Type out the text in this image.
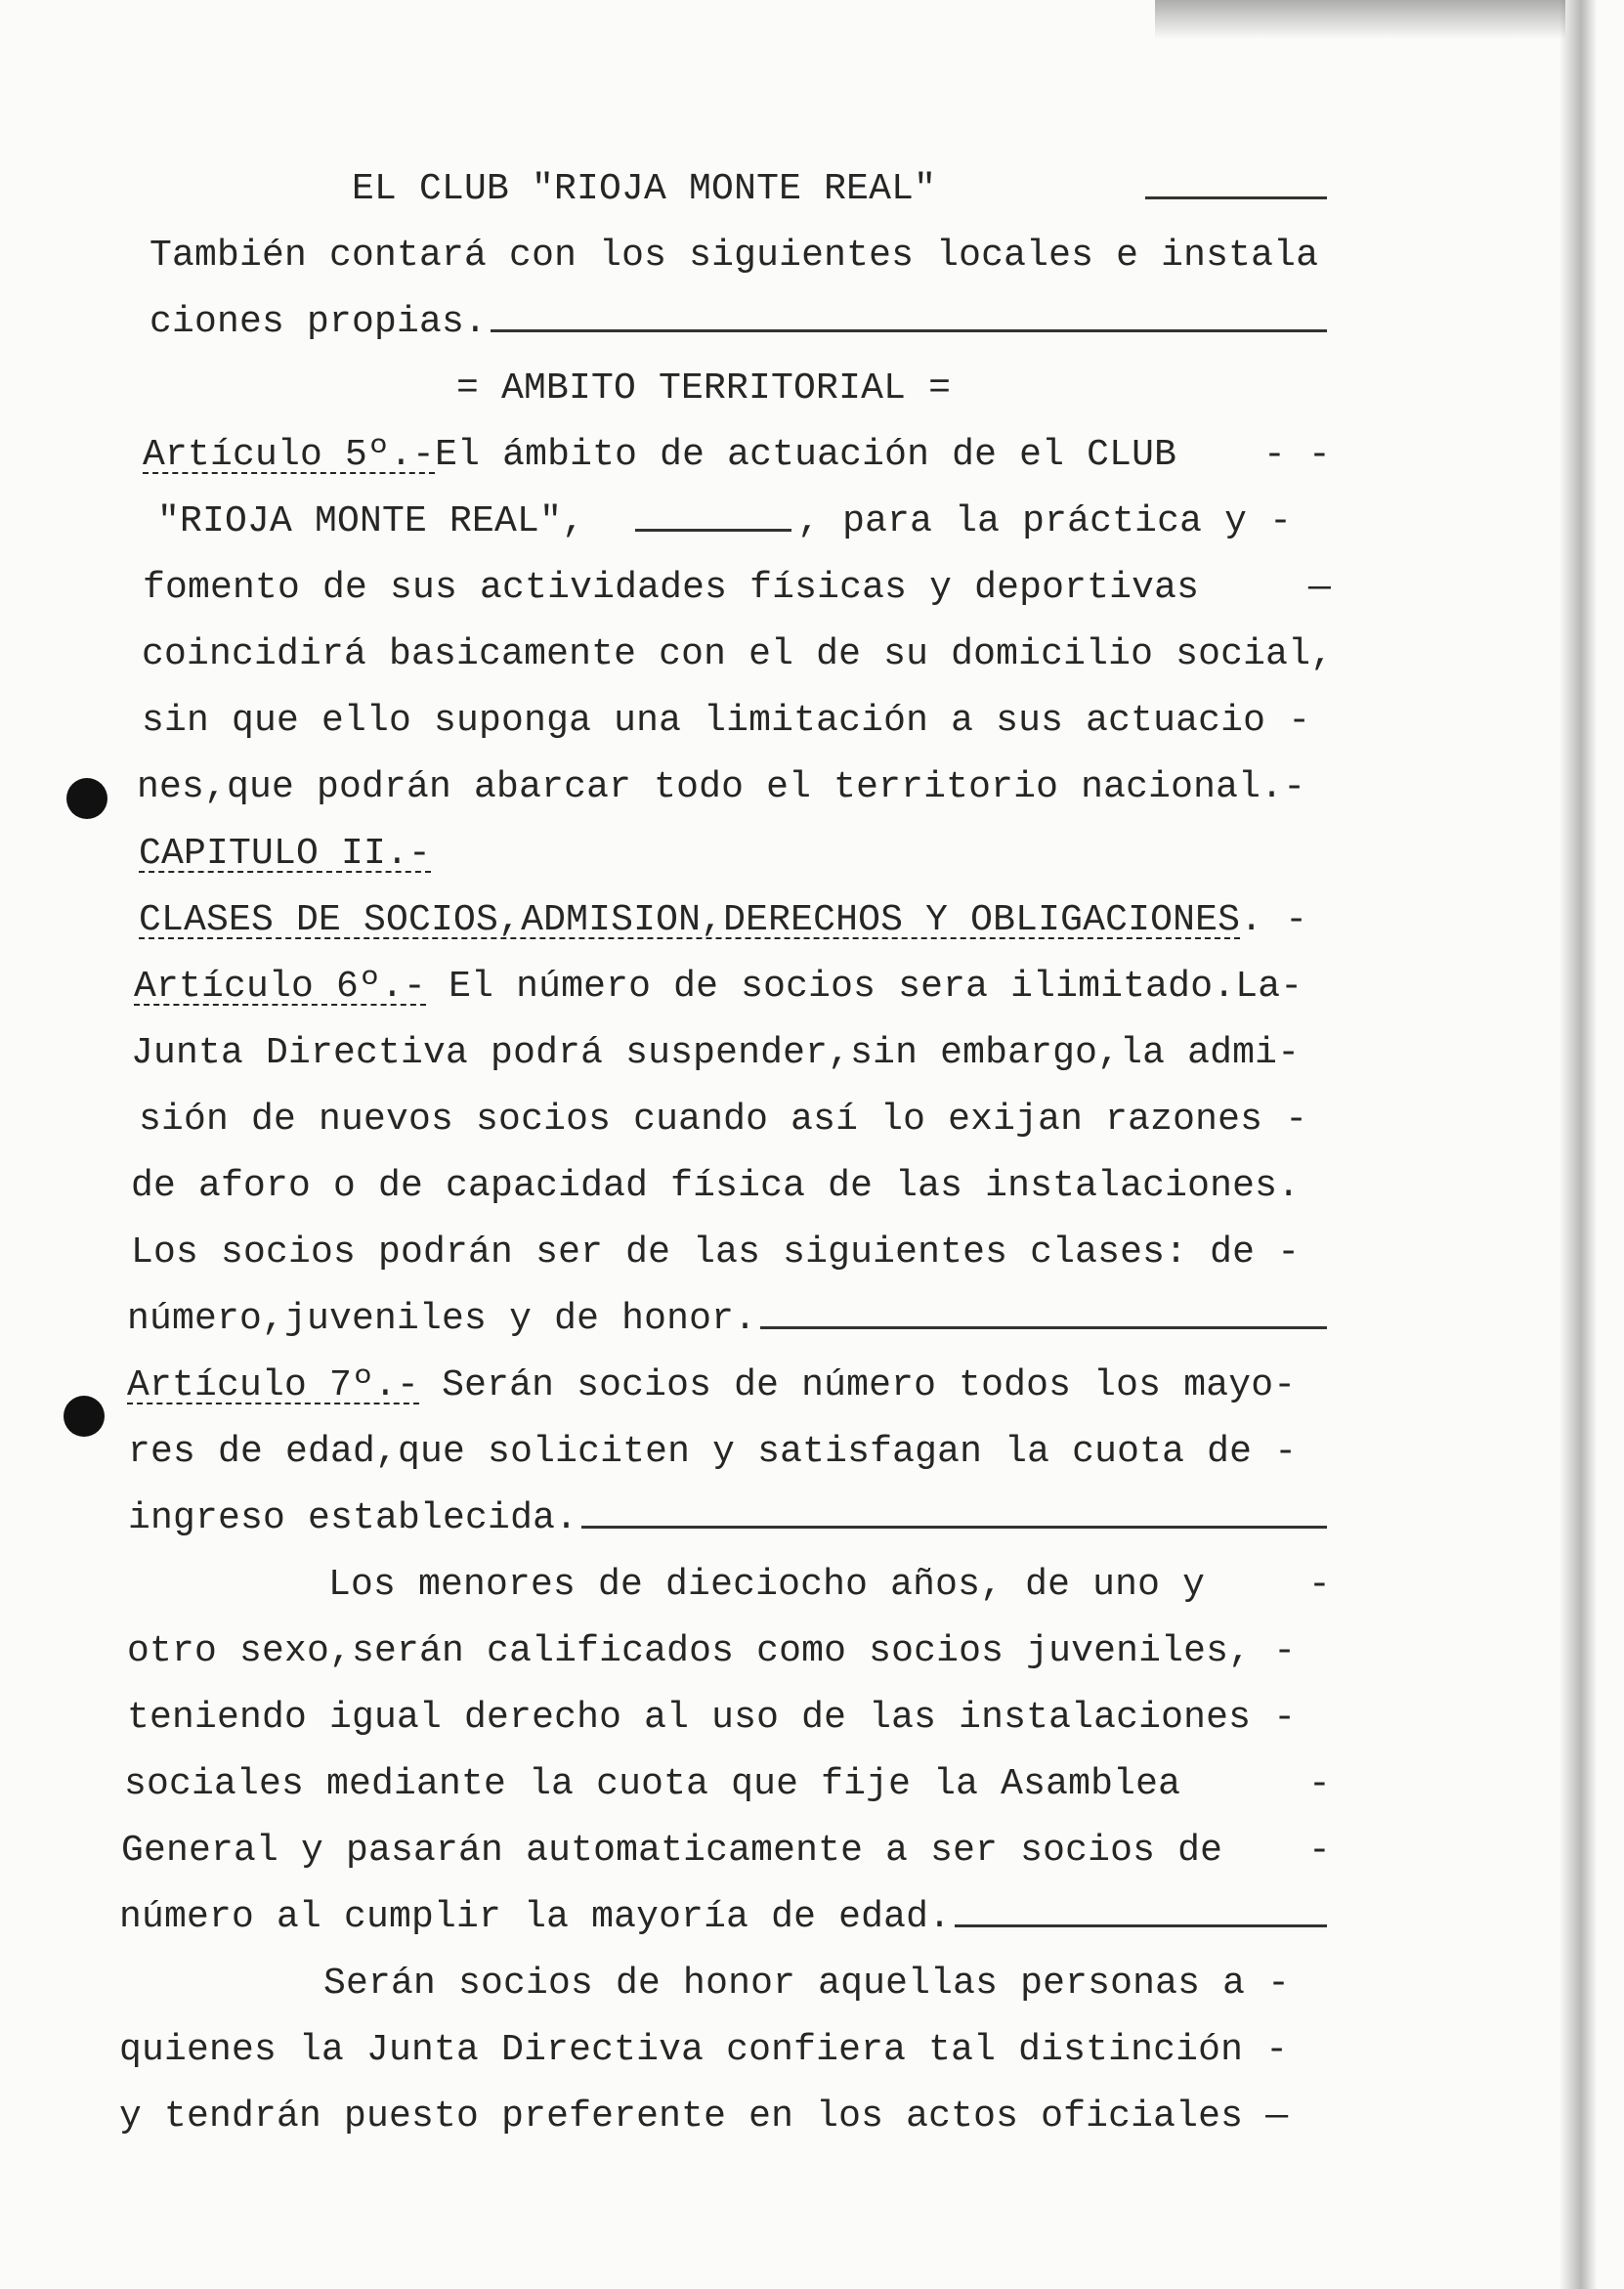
EL CLUB "RIOJA MONTE REAL"
También contará con los siguientes locales e instala
ciones propias.
= AMBITO TERRITORIAL =
Artículo 5º.- El ámbito de actuación de el CLUB - -
"RIOJA MONTE REAL",	, para la práctica y -
fomento de sus actividades físicas y deportivas	—
coincidirá basicamente con el de su domicilio social,
sin que ello suponga una limitación a sus actuacio -
nes,que podrán abarcar todo el territorio nacional.-
CAPITULO II.-
CLASES DE SOCIOS,ADMISION,DERECHOS Y OBLIGACIONES . -
Artículo 6º.- El número de socios sera ilimitado.La-
Junta Directiva podrá suspender,sin embargo,la admi-
sión de nuevos socios cuando así lo exijan razones -
de aforo o de capacidad física de las instalaciones.
Los socios podrán ser de las siguientes clases: de -
número,juveniles y de honor.
Artículo 7º.- Serán socios de número todos los mayo-
res de edad,que soliciten y satisfagan la cuota de -
ingreso establecida.
Los menores de dieciocho años, de uno y	-
otro sexo,serán calificados como socios juveniles, -
teniendo igual derecho al uso de las instalaciones -
sociales mediante la cuota que fije la Asamblea	-
General y pasarán automaticamente a ser socios de -
número al cumplir la mayoría de edad.
Serán socios de honor aquellas personas a -
quienes la Junta Directiva confiera tal distinción -
y tendrán puesto preferente en los actos oficiales —
